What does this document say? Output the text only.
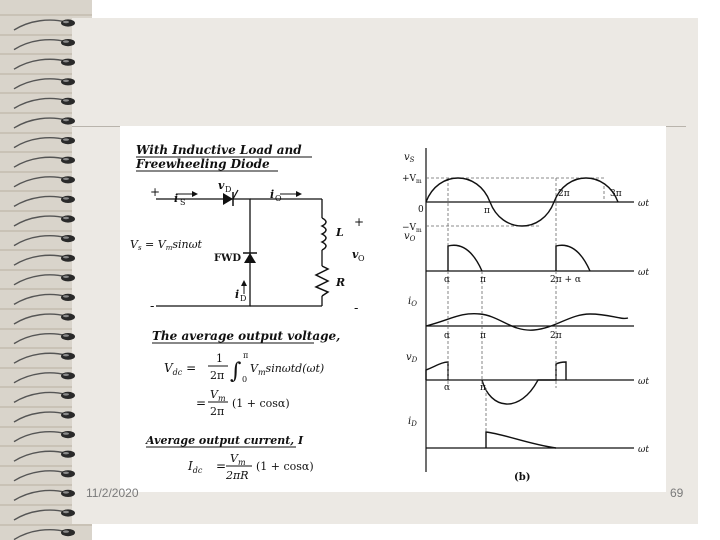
With Inductive Load and
Freewheeling Diode
i S
v D	i O
+
-
+
-
Vs = Vmsinωt
FWD
i D
L
R
v O
The average output voltage,
$V_{dc}$ =
1
2π ∫
π
0
$V_m\sin\omega td(\omega t)$
=
$V_m$
2π
(1 + cosα)
Average output current, I
$I_{dc}$ =
$V_m$
2πR
(1 + cosα)
$v_S$
$+V_m$
$-V_m$
0	π
2π	3π
ωt
$v_O$
α	π	2π + α
ωt
$i_O$
α	π	2π
$v_D$
α	π
ωt
$i_D$
ωt
(b)
11/2/2020	69
